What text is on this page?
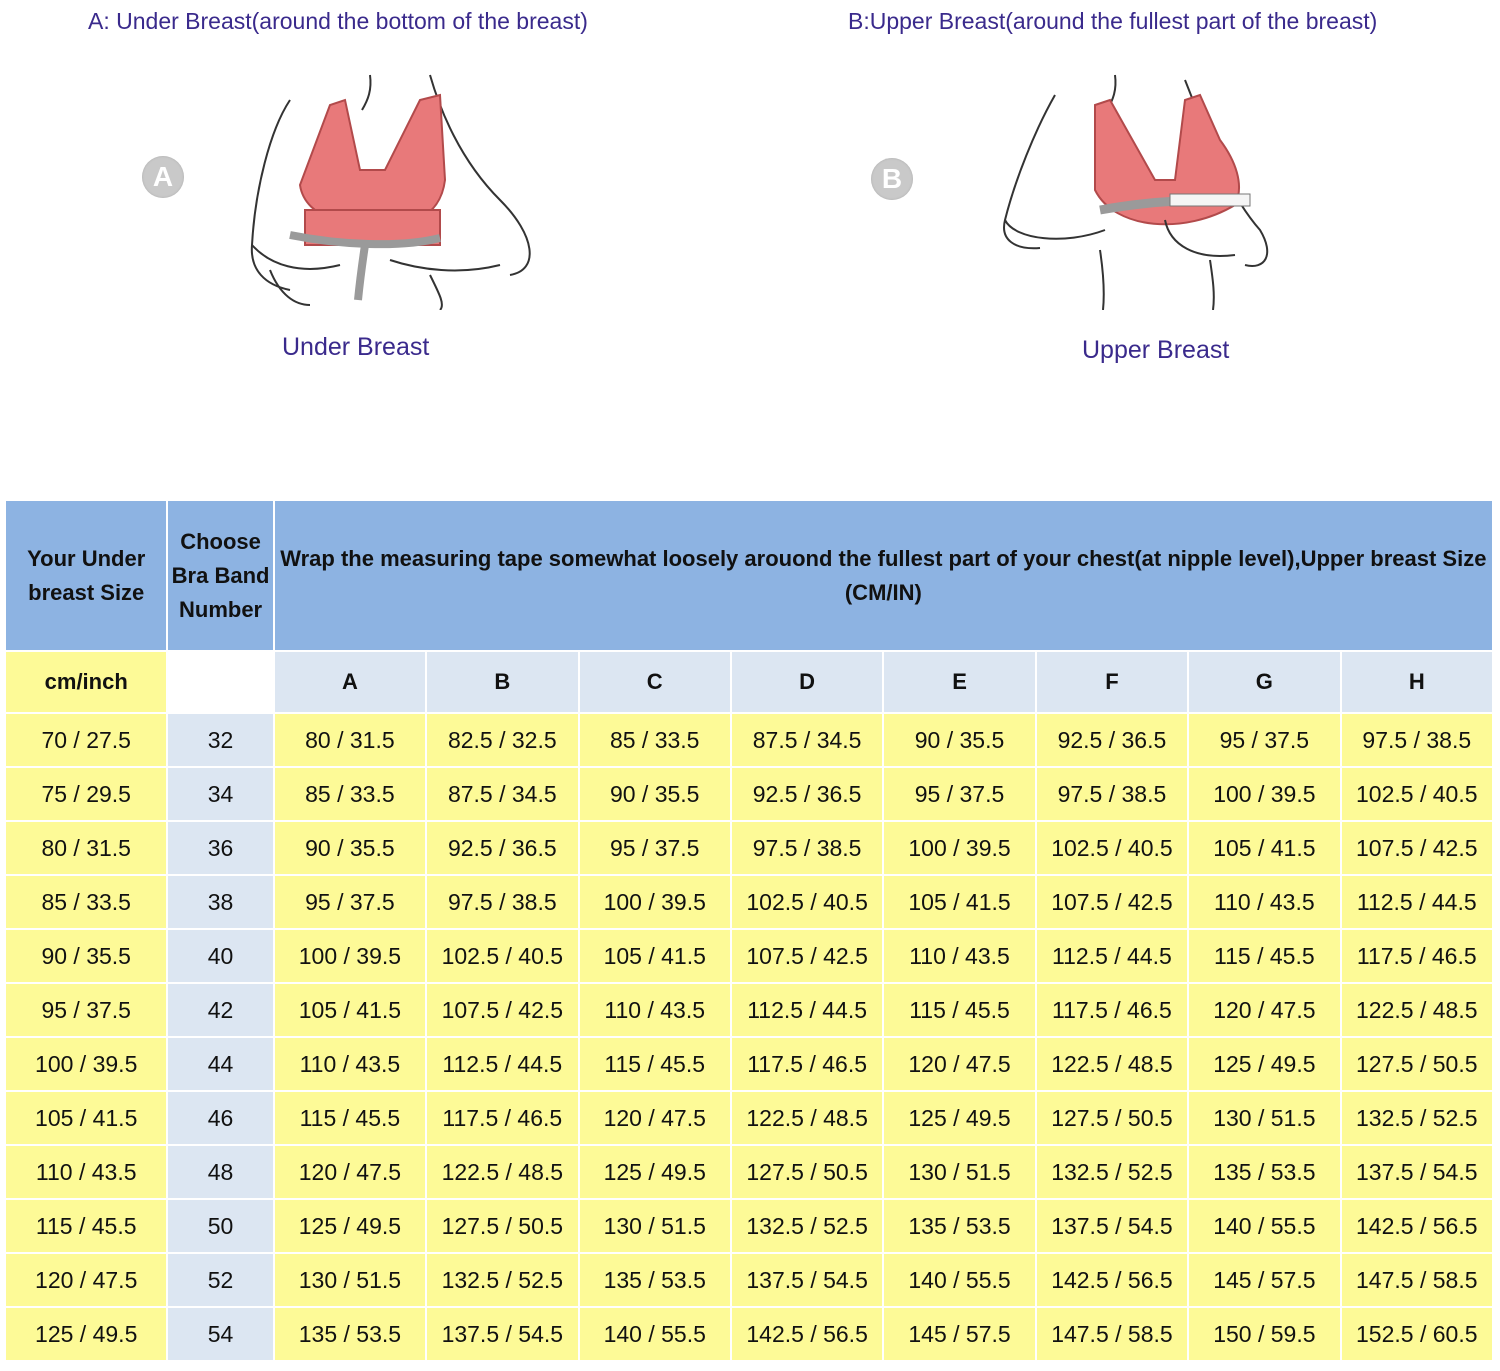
A: Under Breast(around the bottom of the breast)	B:Upper Breast(around the fullest part of the breast)
A
Under Breast
B
Upper Breast
Your Under breast Size	Choose Bra Band Number	Wrap the measuring tape somewhat loosely arouond the fullest part of your chest(at nipple level),Upper breast Size (CM/IN)							
cm/inch		A	B	C	D	E	F	G	H
70 / 27.5	32	80 / 31.5	82.5 / 32.5	85 / 33.5	87.5 / 34.5	90 / 35.5	92.5 / 36.5	95 / 37.5	97.5 / 38.5
75 / 29.5	34	85 / 33.5	87.5 / 34.5	90 / 35.5	92.5 / 36.5	95 / 37.5	97.5 / 38.5	100 / 39.5	102.5 / 40.5
80 / 31.5	36	90 / 35.5	92.5 / 36.5	95 / 37.5	97.5 / 38.5	100 / 39.5	102.5 / 40.5	105 / 41.5	107.5 / 42.5
85 / 33.5	38	95 / 37.5	97.5 / 38.5	100 / 39.5	102.5 / 40.5	105 / 41.5	107.5 / 42.5	110 / 43.5	112.5 / 44.5
90 / 35.5	40	100 / 39.5	102.5 / 40.5	105 / 41.5	107.5 / 42.5	110 / 43.5	112.5 / 44.5	115 / 45.5	117.5 / 46.5
95 / 37.5	42	105 / 41.5	107.5 / 42.5	110 / 43.5	112.5 / 44.5	115 / 45.5	117.5 / 46.5	120 / 47.5	122.5 / 48.5
100 / 39.5	44	110 / 43.5	112.5 / 44.5	115 / 45.5	117.5 / 46.5	120 / 47.5	122.5 / 48.5	125 / 49.5	127.5 / 50.5
105 / 41.5	46	115 / 45.5	117.5 / 46.5	120 / 47.5	122.5 / 48.5	125 / 49.5	127.5 / 50.5	130 / 51.5	132.5 / 52.5
110 / 43.5	48	120 / 47.5	122.5 / 48.5	125 / 49.5	127.5 / 50.5	130 / 51.5	132.5 / 52.5	135 / 53.5	137.5 / 54.5
115 / 45.5	50	125 / 49.5	127.5 / 50.5	130 / 51.5	132.5 / 52.5	135 / 53.5	137.5 / 54.5	140 / 55.5	142.5 / 56.5
120 / 47.5	52	130 / 51.5	132.5 / 52.5	135 / 53.5	137.5 / 54.5	140 / 55.5	142.5 / 56.5	145 / 57.5	147.5 / 58.5
125 / 49.5	54	135 / 53.5	137.5 / 54.5	140 / 55.5	142.5 / 56.5	145 / 57.5	147.5 / 58.5	150 / 59.5	152.5 / 60.5
